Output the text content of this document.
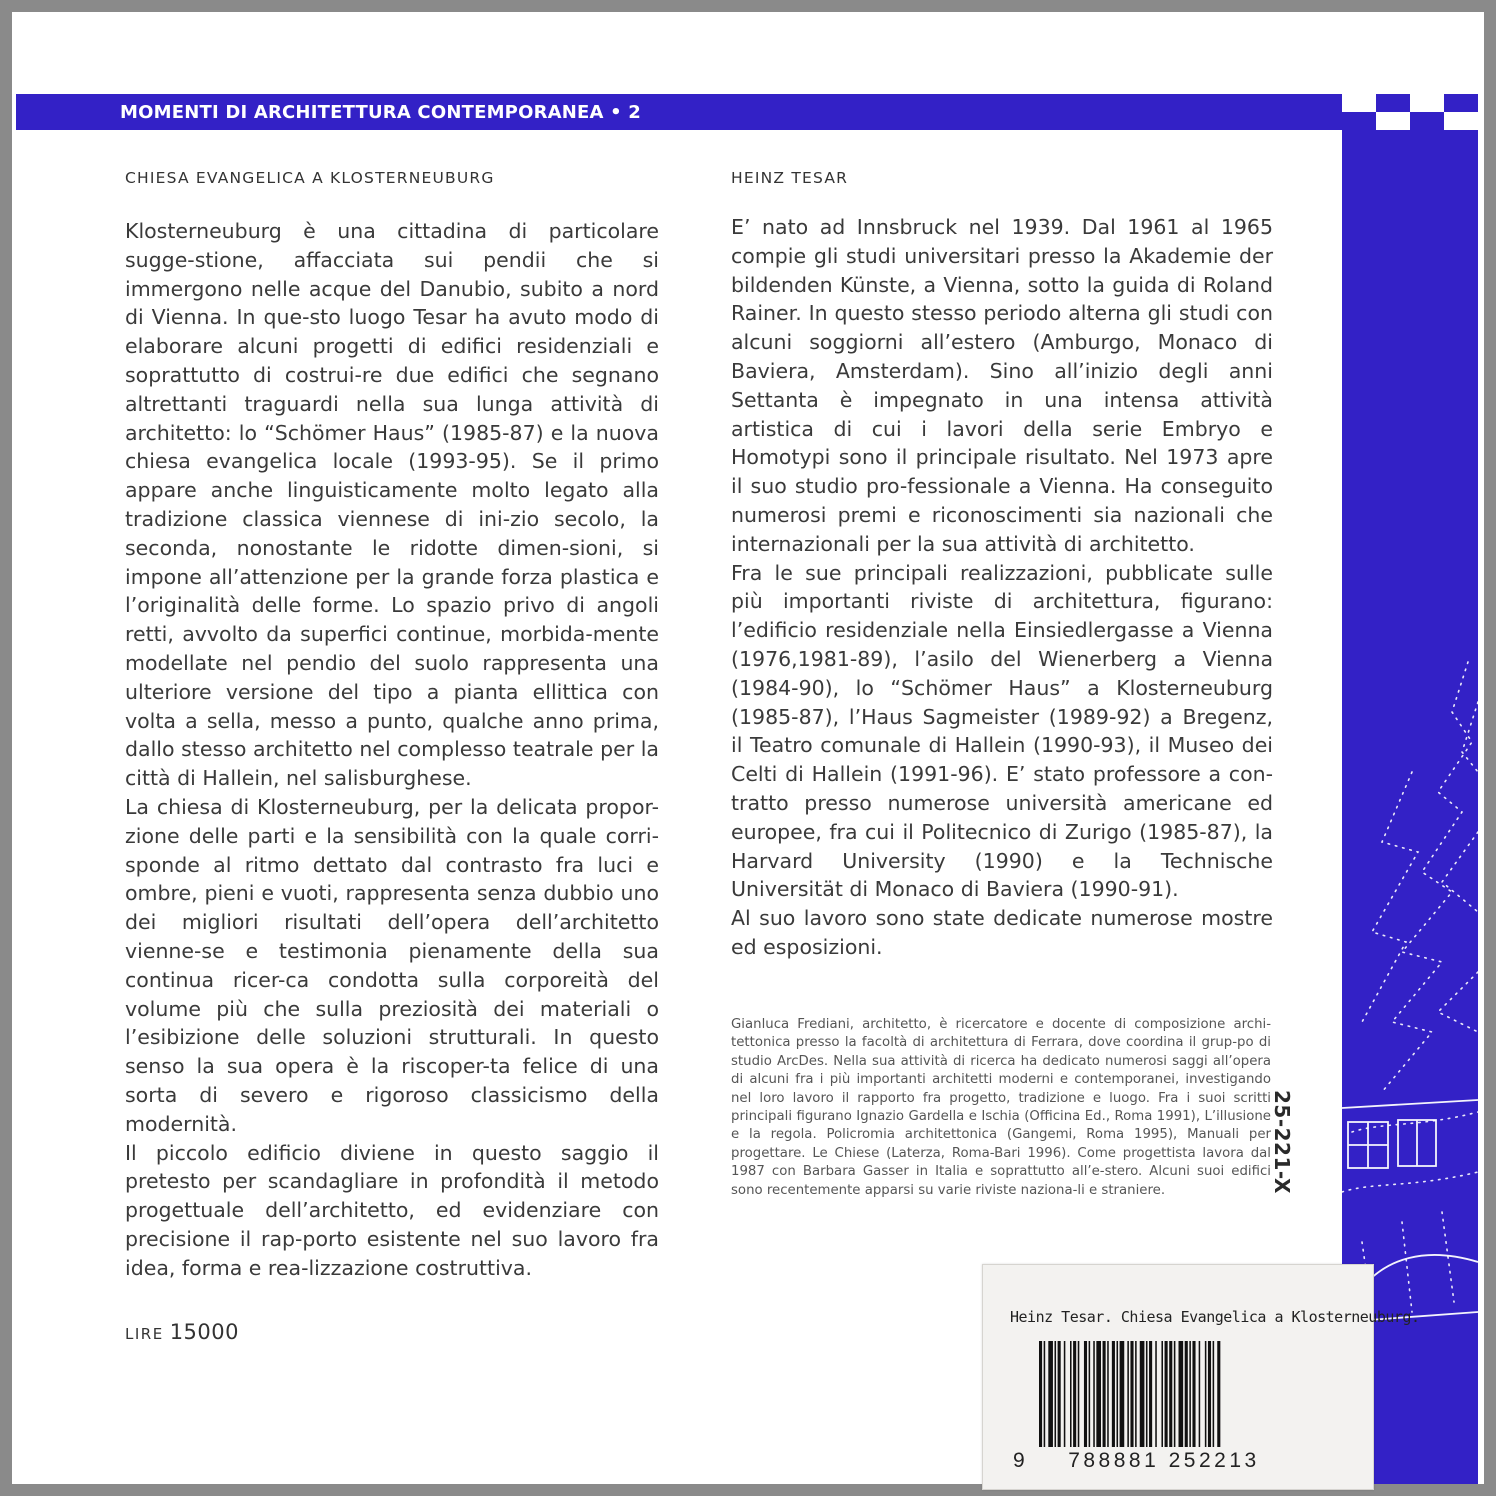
MOMENTI DI ARCHITETTURA CONTEMPORANEA • 2
CHIESA EVANGELICA A KLOSTERNEUBURG	HEINZ TESAR

Klosterneuburg è una cittadina di particolare sugge-stione, affacciata sui pendii che si immergono nelle acque del Danubio, subito a nord di Vienna. In que-sto luogo Tesar ha avuto modo di elaborare alcuni progetti di edifici residenziali e soprattutto di costrui-re due edifici che segnano altrettanti traguardi nella sua lunga attività di architetto: lo “Schömer Haus” (1985-87) e la nuova chiesa evangelica locale (1993-95). Se il primo appare anche linguisticamente molto legato alla tradizione classica viennese di ini-zio secolo, la seconda, nonostante le ridotte dimen-sioni, si impone all’attenzione per la grande forza plastica e l’originalità delle forme. Lo spazio privo di angoli retti, avvolto da superfici continue, morbida-mente modellate nel pendio del suolo rappresenta una ulteriore versione del tipo a pianta ellittica con volta a sella, messo a punto, qualche anno prima, dallo stesso architetto nel complesso teatrale per la città di Hallein, nel salisburghese.

La chiesa di Klosterneuburg, per la delicata propor-zione delle parti e la sensibilità con la quale corri-sponde al ritmo dettato dal contrasto fra luci e ombre, pieni e vuoti, rappresenta senza dubbio uno dei migliori risultati dell’opera dell’architetto vienne-se e testimonia pienamente della sua continua ricer-ca condotta sulla corporeità del volume più che sulla preziosità dei materiali o l’esibizione delle soluzioni strutturali. In questo senso la sua opera è la riscoper-ta felice di una sorta di severo e rigoroso classicismo della modernità.

Il piccolo edificio diviene in questo saggio il pretesto per scandagliare in profondità il metodo progettuale dell’architetto, ed evidenziare con precisione il rap-porto esistente nel suo lavoro fra idea, forma e rea-lizzazione costruttiva.

E’ nato ad Innsbruck nel 1939. Dal 1961 al 1965 compie gli studi universitari presso la Akademie der bildenden Künste, a Vienna, sotto la guida di Roland Rainer. In questo stesso periodo alterna gli studi con alcuni soggiorni all’estero (Amburgo, Monaco di Baviera, Amsterdam). Sino all’inizio degli anni Settanta è impegnato in una intensa attività artistica di cui i lavori della serie Embryo e Homotypi sono il principale risultato. Nel 1973 apre il suo studio pro-fessionale a Vienna. Ha conseguito numerosi premi e riconoscimenti sia nazionali che internazionali per la sua attività di architetto.

Fra le sue principali realizzazioni, pubblicate sulle più importanti riviste di architettura, figurano: l’edificio residenziale nella Einsiedlergasse a Vienna (1976,1981-89), l’asilo del Wienerberg a Vienna (1984-90), lo “Schömer Haus” a Klosterneuburg (1985-87), l’Haus Sagmeister (1989-92) a Bregenz, il Teatro comunale di Hallein (1990-93), il Museo dei Celti di Hallein (1991-96). E’ stato professore a con-tratto presso numerose università americane ed europee, fra cui il Politecnico di Zurigo (1985-87), la Harvard University (1990) e la Technische Universität di Monaco di Baviera (1990-91).

Al suo lavoro sono state dedicate numerose mostre ed esposizioni.

Gianluca Frediani, architetto, è ricercatore e docente di composizione archi-tettonica presso la facoltà di architettura di Ferrara, dove coordina il grup-po di studio ArcDes. Nella sua attività di ricerca ha dedicato numerosi saggi all’opera di alcuni fra i più importanti architetti moderni e contemporanei, investigando nel loro lavoro il rapporto fra progetto, tradizione e luogo. Fra i suoi scritti principali figurano Ignazio Gardella e Ischia (Officina Ed., Roma 1991), L’illusione e la regola. Policromia architettonica (Gangemi, Roma 1995), Manuali per progettare. Le Chiese (Laterza, Roma-Bari 1996). Come progettista lavora dal 1987 con Barbara Gasser in Italia e soprattutto all’e-stero. Alcuni suoi edifici sono recentemente apparsi su varie riviste naziona-li e straniere.
LIRE 15000
25-221-X
Heinz Tesar. Chiesa Evangelica a Klosterneuburg.
9 788881 252213
